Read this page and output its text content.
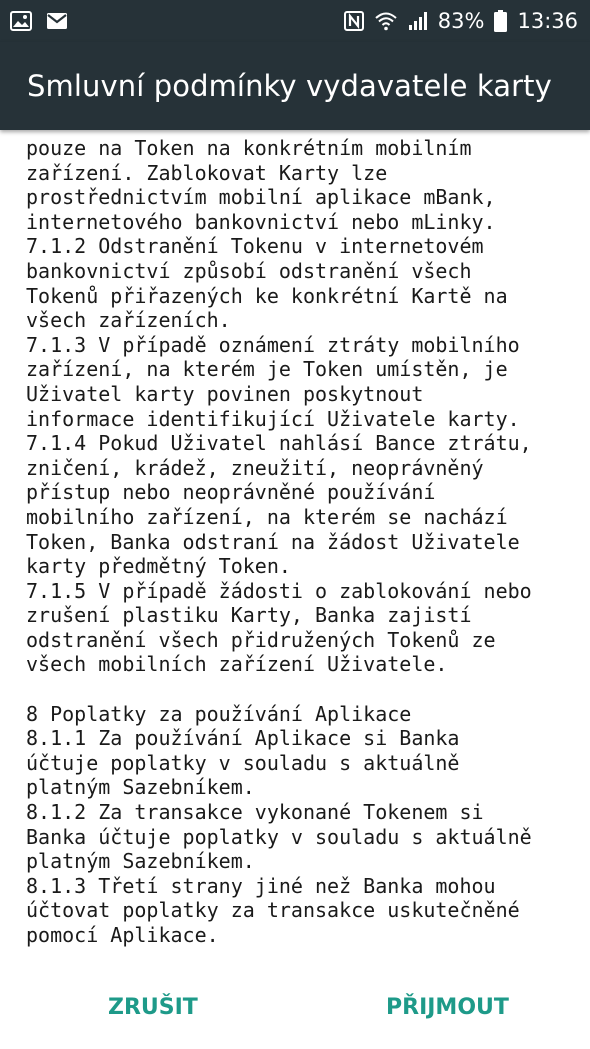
83% 13:36
Smluvní podmínky vydavatele karty
pouze na Token na konkrétním mobilním
zařízení. Zablokovat Karty lze
prostřednictvím mobilní aplikace mBank,
internetového bankovnictví nebo mLinky.
7.1.2 Odstranění Tokenu v internetovém
bankovnictví způsobí odstranění všech
Tokenů přiřazených ke konkrétní Kartě na
všech zařízeních.
7.1.3 V případě oznámení ztráty mobilního
zařízení, na kterém je Token umístěn, je
Uživatel karty povinen poskytnout
informace identifikující Uživatele karty.
7.1.4 Pokud Uživatel nahlásí Bance ztrátu,
zničení, krádež, zneužití, neoprávněný
přístup nebo neoprávněné používání
mobilního zařízení, na kterém se nachází
Token, Banka odstraní na žádost Uživatele
karty předmětný Token.
7.1.5 V případě žádosti o zablokování nebo
zrušení plastiku Karty, Banka zajistí
odstranění všech přidružených Tokenů ze
všech mobilních zařízení Uživatele.

8 Poplatky za používání Aplikace
8.1.1 Za používání Aplikace si Banka
účtuje poplatky v souladu s aktuálně
platným Sazebníkem.
8.1.2 Za transakce vykonané Tokenem si
Banka účtuje poplatky v souladu s aktuálně
platným Sazebníkem.
8.1.3 Třetí strany jiné než Banka mohou
účtovat poplatky za transakce uskutečněné
pomocí Aplikace.
ZRUŠIT	PŘIJMOUT
